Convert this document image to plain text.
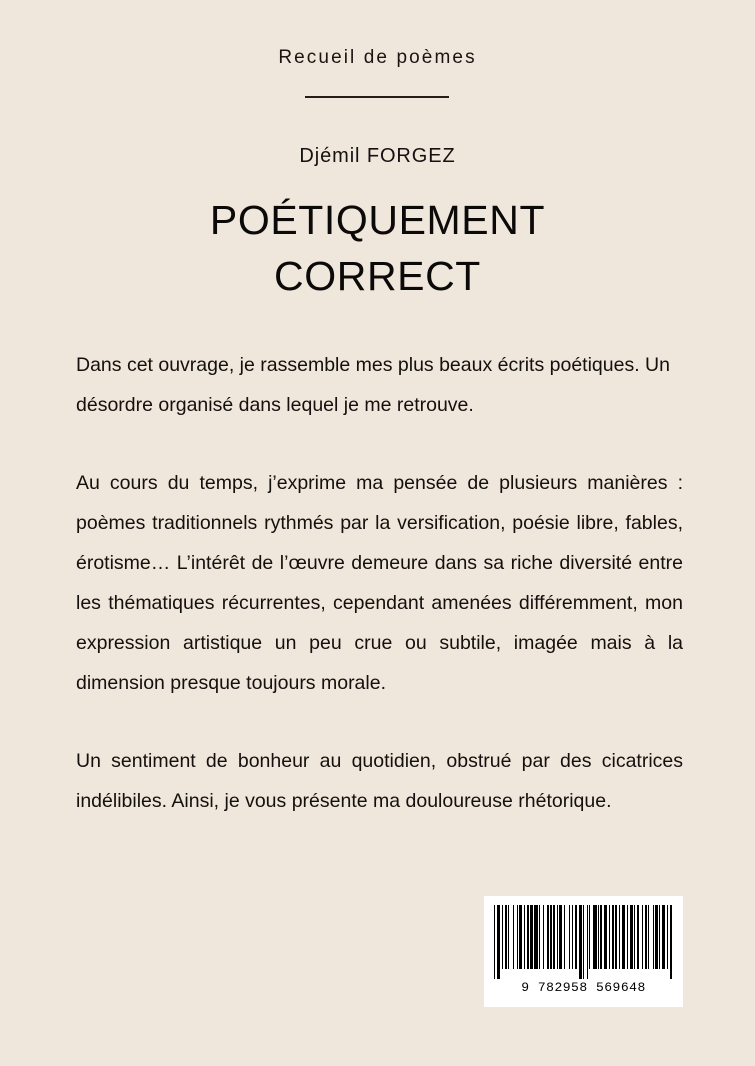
Recueil de poèmes
Djémil FORGEZ
POÉTIQUEMENT
CORRECT

Dans cet ouvrage, je rassemble mes plus beaux écrits poétiques. Un désordre organisé dans lequel je me retrouve.

Au cours du temps, j’exprime ma pensée de plusieurs manières : poèmes traditionnels rythmés par la versification, poésie libre, fables, érotisme… L’intérêt de l’œuvre demeure dans sa riche diversité entre les thématiques récurrentes, cependant amenées différemment, mon expression artistique un peu crue ou subtile, imagée mais à la dimension presque toujours morale.

Un sentiment de bonheur au quotidien, obstrué par des cicatrices indélibiles. Ainsi, je vous présente ma douloureuse rhétorique.

9 782958 569648
